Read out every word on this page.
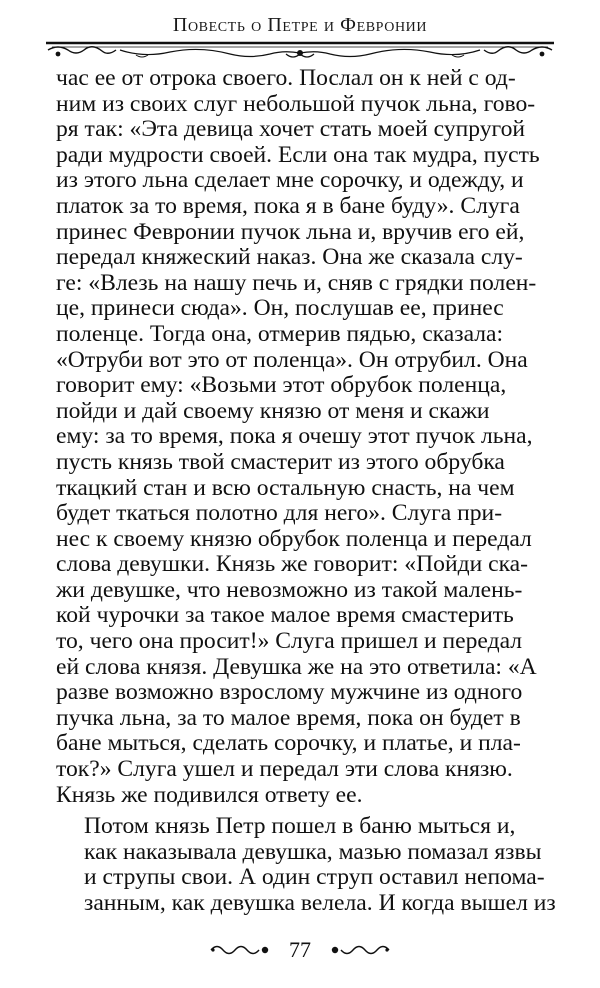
Повесть о Петре и Февронии

час ее от отрока своего. Послал он к ней с од-
ним из своих слуг небольшой пучок льна, гово-
ря так: «Эта девица хочет стать моей супругой
ради мудрости своей. Если она так мудра, пусть
из этого льна сделает мне сорочку, и одежду, и
платок за то время, пока я в бане буду». Слуга
принес Февронии пучок льна и, вручив его ей,
передал княжеский наказ. Она же сказала слу-
ге: «Влезь на нашу печь и, сняв с грядки полен-
це, принеси сюда». Он, послушав ее, принес
поленце. Тогда она, отмерив пядью, сказала:
«Отруби вот это от поленца». Он отрубил. Она
говорит ему: «Возьми этот обрубок поленца,
пойди и дай своему князю от меня и скажи
ему: за то время, пока я очешу этот пучок льна,
пусть князь твой смастерит из этого обрубка
ткацкий стан и всю остальную снасть, на чем
будет ткаться полотно для него». Слуга при-
нес к своему князю обрубок поленца и передал
слова девушки. Князь же говорит: «Пойди ска-
жи девушке, что невозможно из такой малень-
кой чурочки за такое малое время смастерить
то, чего она просит!» Слуга пришел и передал
ей слова князя. Девушка же на это ответила: «А
разве возможно взрослому мужчине из одного
пучка льна, за то малое время, пока он будет в
бане мыться, сделать сорочку, и платье, и пла-
ток?» Слуга ушел и передал эти слова князю.
Князь же подивился ответу ее.

Потом князь Петр пошел в баню мыться и,
как наказывала девушка, мазью помазал язвы
и струпы свои. А один струп оставил непома-
занным, как девушка велела. И когда вышел из

77
